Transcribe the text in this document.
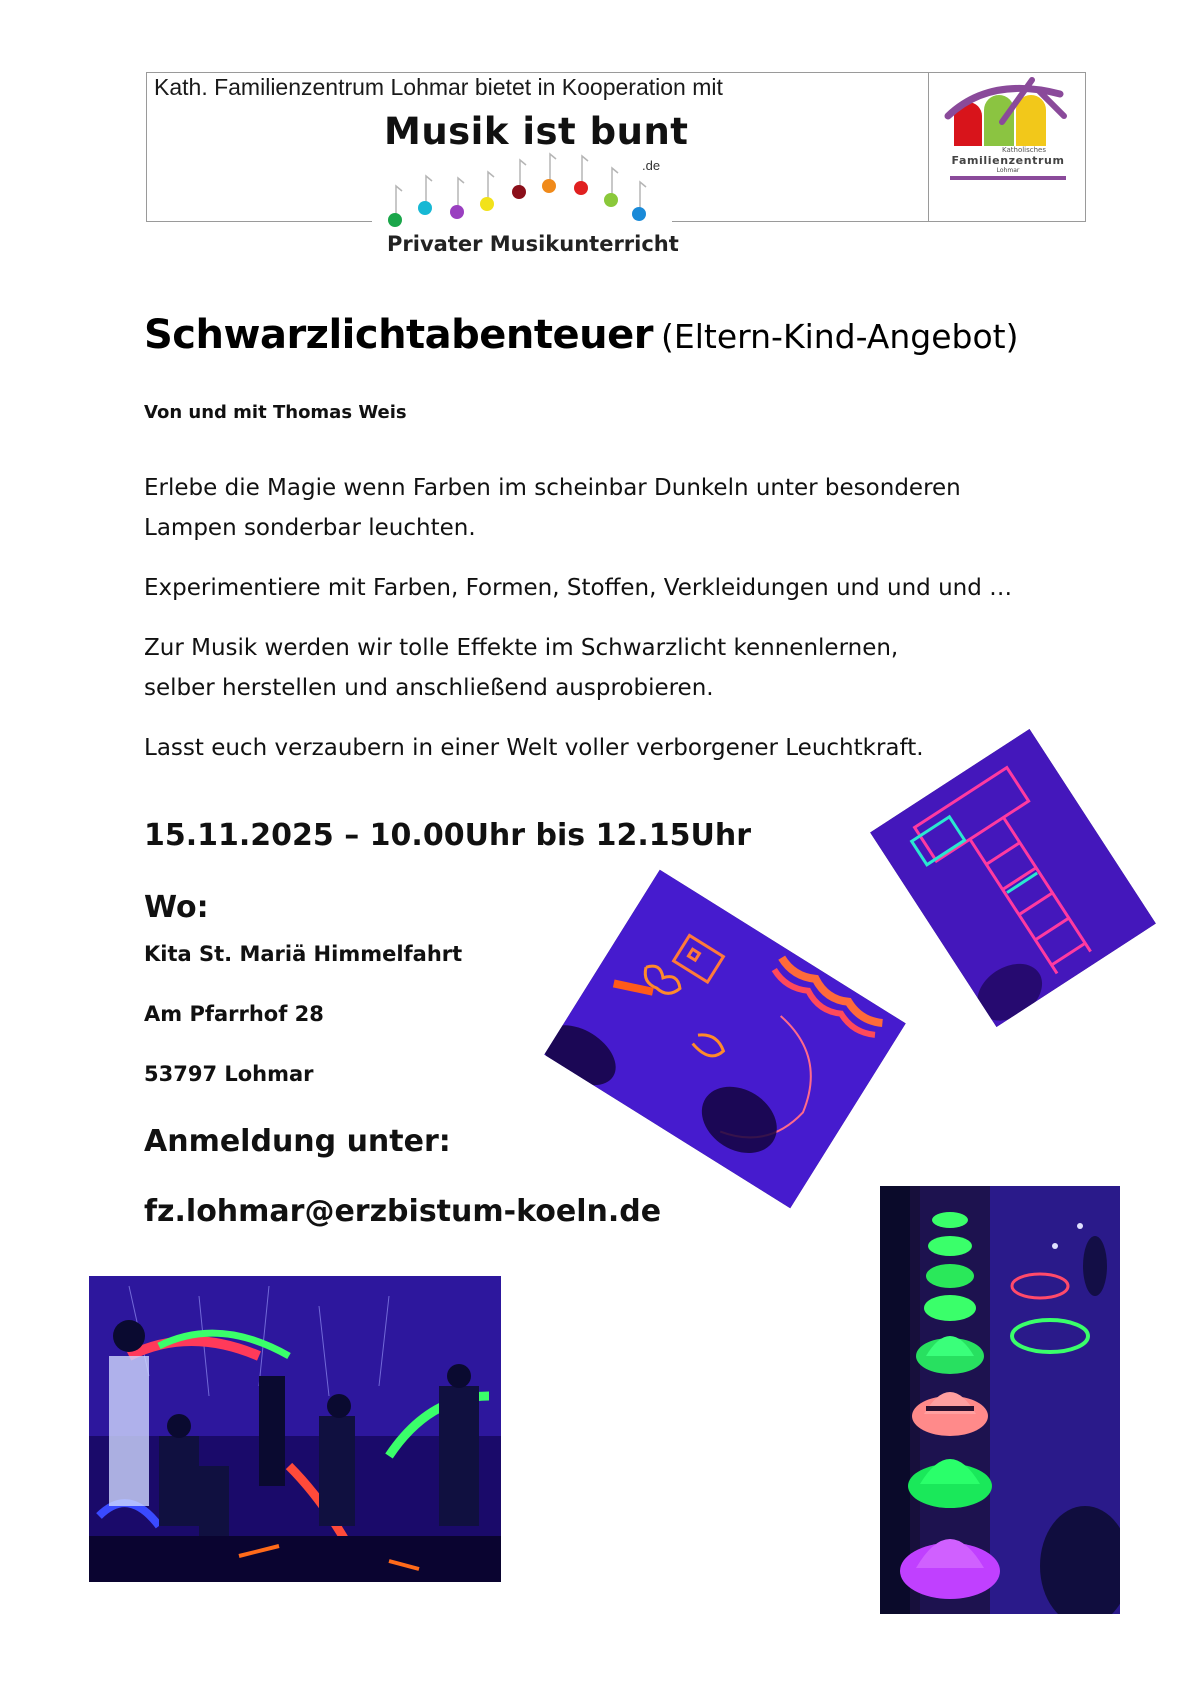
Kath. Familienzentrum Lohmar bietet in Kooperation mit
Musik ist bunt
.de
Privater Musikunterricht
Katholisches
Familienzentrum
Lohmar
Schwarzlichtabenteuer (Eltern-Kind-Angebot)
Von und mit Thomas Weis
Erlebe die Magie wenn Farben im scheinbar Dunkeln unter besonderen Lampen sonderbar leuchten.
Experimentiere mit Farben, Formen, Stoffen, Verkleidungen und und und …
Zur Musik werden wir tolle Effekte im Schwarzlicht kennenlernen, selber herstellen und anschließend ausprobieren.
Lasst euch verzaubern in einer Welt voller verborgener Leuchtkraft.
15.11.2025 – 10.00Uhr bis 12.15Uhr
Wo:
Kita St. Mariä Himmelfahrt
Am Pfarrhof 28
53797 Lohmar
Anmeldung unter:
fz.lohmar@erzbistum-koeln.de
